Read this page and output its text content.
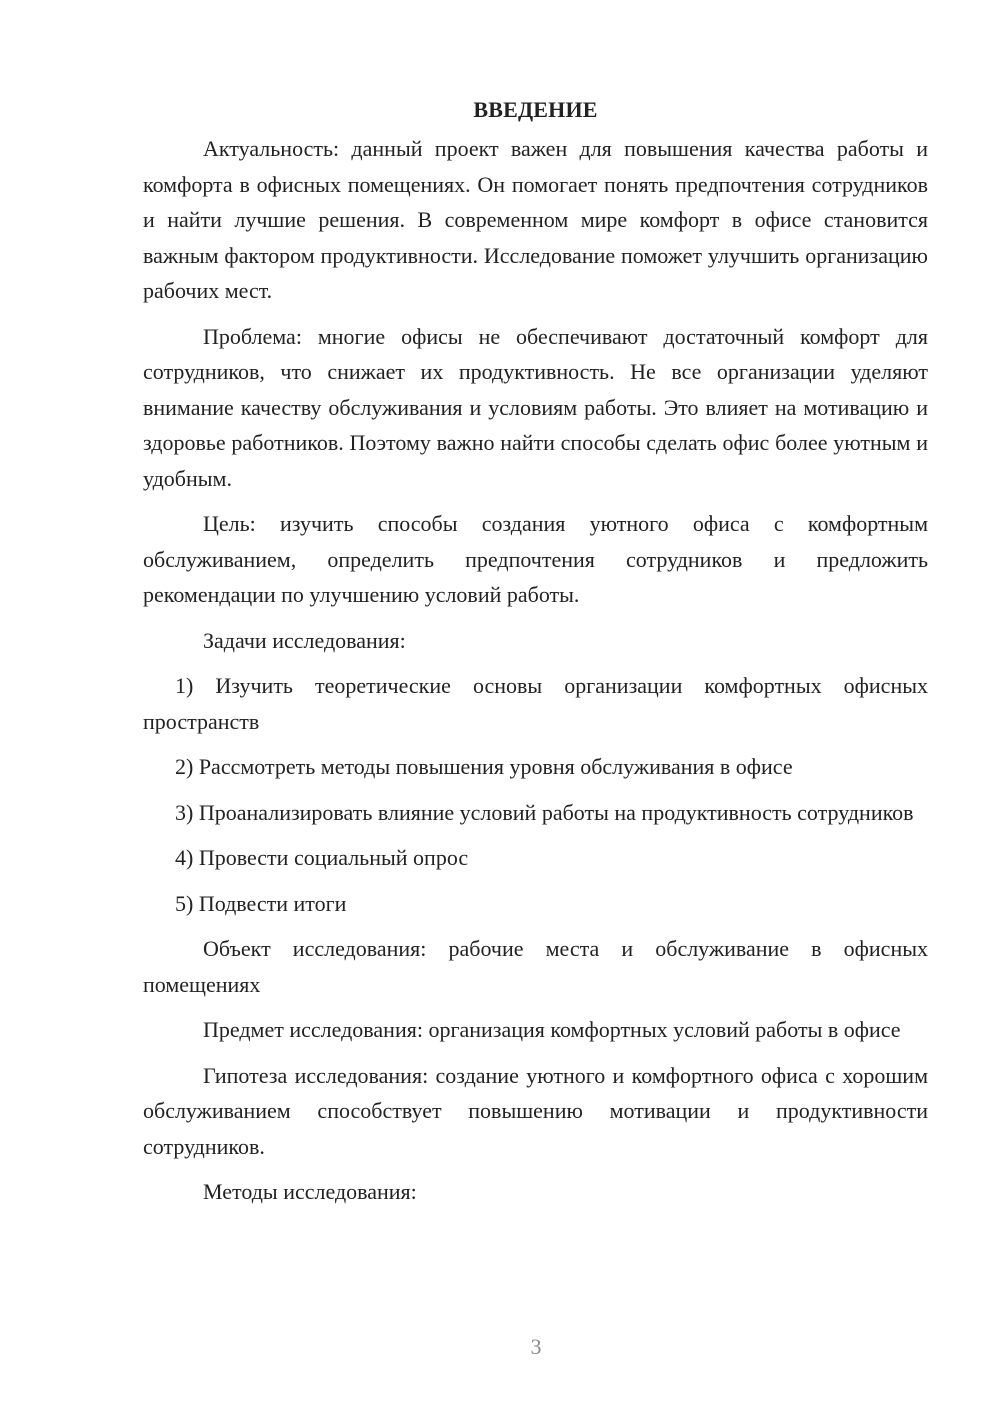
ВВЕДЕНИЕ

Актуальность: данный проект важен для повышения качества работы и комфорта в офисных помещениях. Он помогает понять предпочтения сотрудников и найти лучшие решения. В современном мире комфорт в офисе становится важным фактором продуктивности. Исследование поможет улучшить организацию рабочих мест.

Проблема: многие офисы не обеспечивают достаточный комфорт для сотрудников, что снижает их продуктивность. Не все организации уделяют внимание качеству обслуживания и условиям работы. Это влияет на мотивацию и здоровье работников. Поэтому важно найти способы сделать офис более уютным и удобным.

Цель: изучить способы создания уютного офиса с комфортным обслуживанием, определить предпочтения сотрудников и предложить рекомендации по улучшению условий работы.

Задачи исследования:

1) Изучить теоретические основы организации комфортных офисных пространств

2) Рассмотреть методы повышения уровня обслуживания в офисе

3) Проанализировать влияние условий работы на продуктивность сотрудников

4) Провести социальный опрос

5) Подвести итоги

Объект исследования: рабочие места и обслуживание в офисных помещениях

Предмет исследования: организация комфортных условий работы в офисе

Гипотеза исследования: создание уютного и комфортного офиса с хорошим обслуживанием способствует повышению мотивации и продуктивности сотрудников.

Методы исследования:

3
